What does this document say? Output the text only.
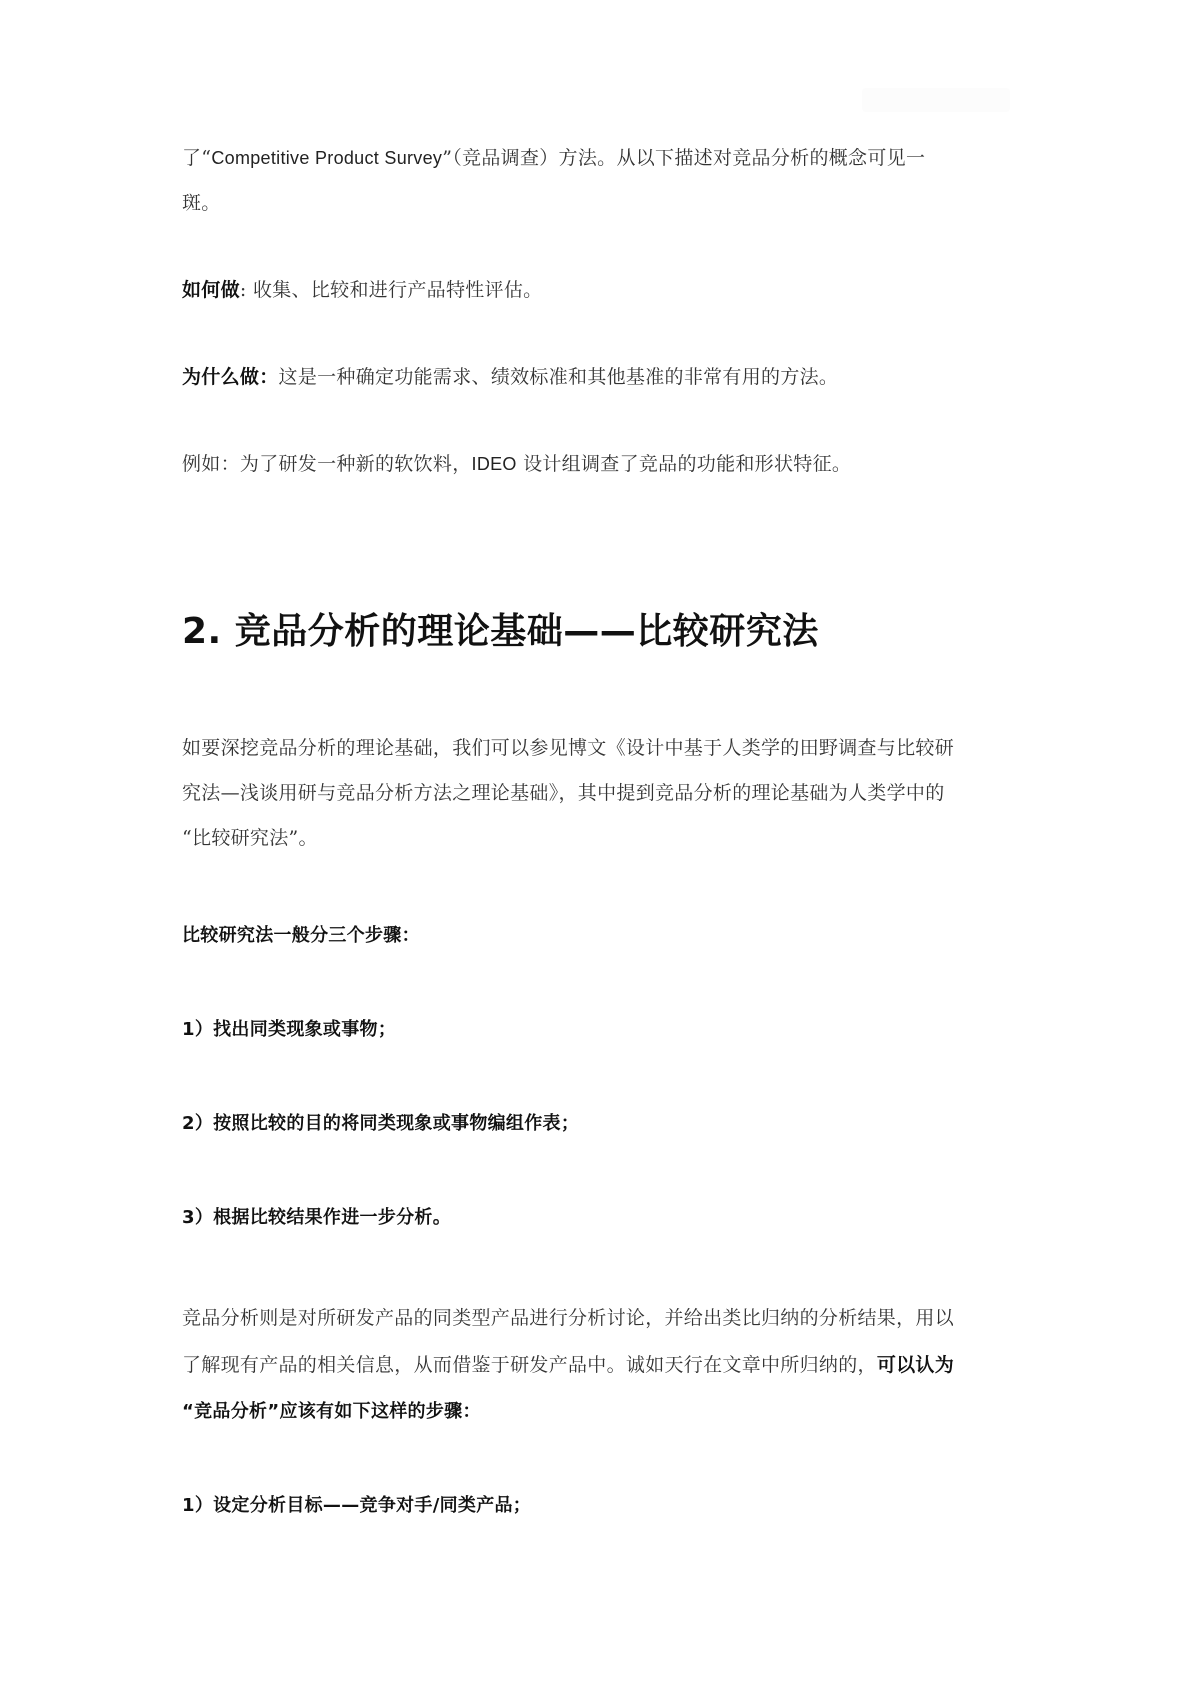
了“Competitive Product Survey”（竞品调查）方法。从以下描述对竞品分析的概念可见一
斑。
如何做: 收集、比较和进行产品特性评估。
为什么做：这是一种确定功能需求、绩效标准和其他基准的非常有用的方法。
例如：为了研发一种新的软饮料，IDEO 设计组调查了竞品的功能和形状特征。
2. 竞品分析的理论基础——比较研究法
如要深挖竞品分析的理论基础，我们可以参见博文《设计中基于人类学的田野调查与比较研
究法—浅谈用研与竞品分析方法之理论基础》，其中提到竞品分析的理论基础为人类学中的
“比较研究法”。
比较研究法一般分三个步骤：
1）找出同类现象或事物；
2）按照比较的目的将同类现象或事物编组作表；
3）根据比较结果作进一步分析。
竞品分析则是对所研发产品的同类型产品进行分析讨论，并给出类比归纳的分析结果，用以
了解现有产品的相关信息，从而借鉴于研发产品中。诚如天行在文章中所归纳的，可以认为
“竞品分析”应该有如下这样的步骤：
1）设定分析目标——竞争对手/同类产品；
